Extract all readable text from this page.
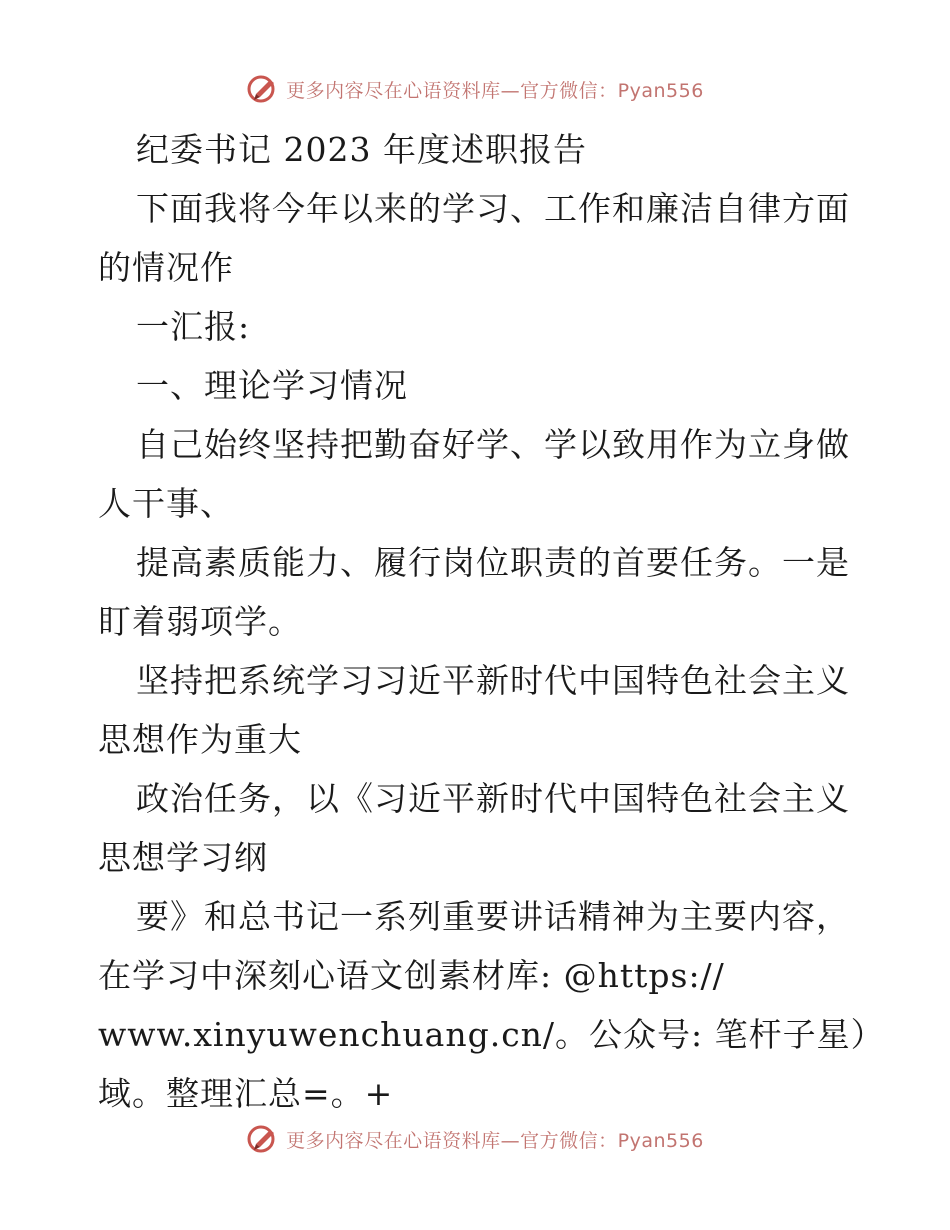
更多内容尽在心语资料库—官方微信：Pyan556
纪委书记 2023 年度述职报告
下面我将今年以来的学习、工作和廉洁自律方面
的情况作
一汇报:
一、理论学习情况
自己始终坚持把勤奋好学、学以致用作为立身做
人干事、
提高素质能力、履行岗位职责的首要任务。一是
盯着弱项学。
坚持把系统学习习近平新时代中国特色社会主义
思想作为重大
政治任务，以《习近平新时代中国特色社会主义
思想学习纲
要》和总书记一系列重要讲话精神为主要内容，
在学习中深刻心语文创素材库: @https://
www.xinyuwenchuang.cn/。公众号: 笔杆子星）
域。整理汇总=。+
更多内容尽在心语资料库—官方微信：Pyan556
